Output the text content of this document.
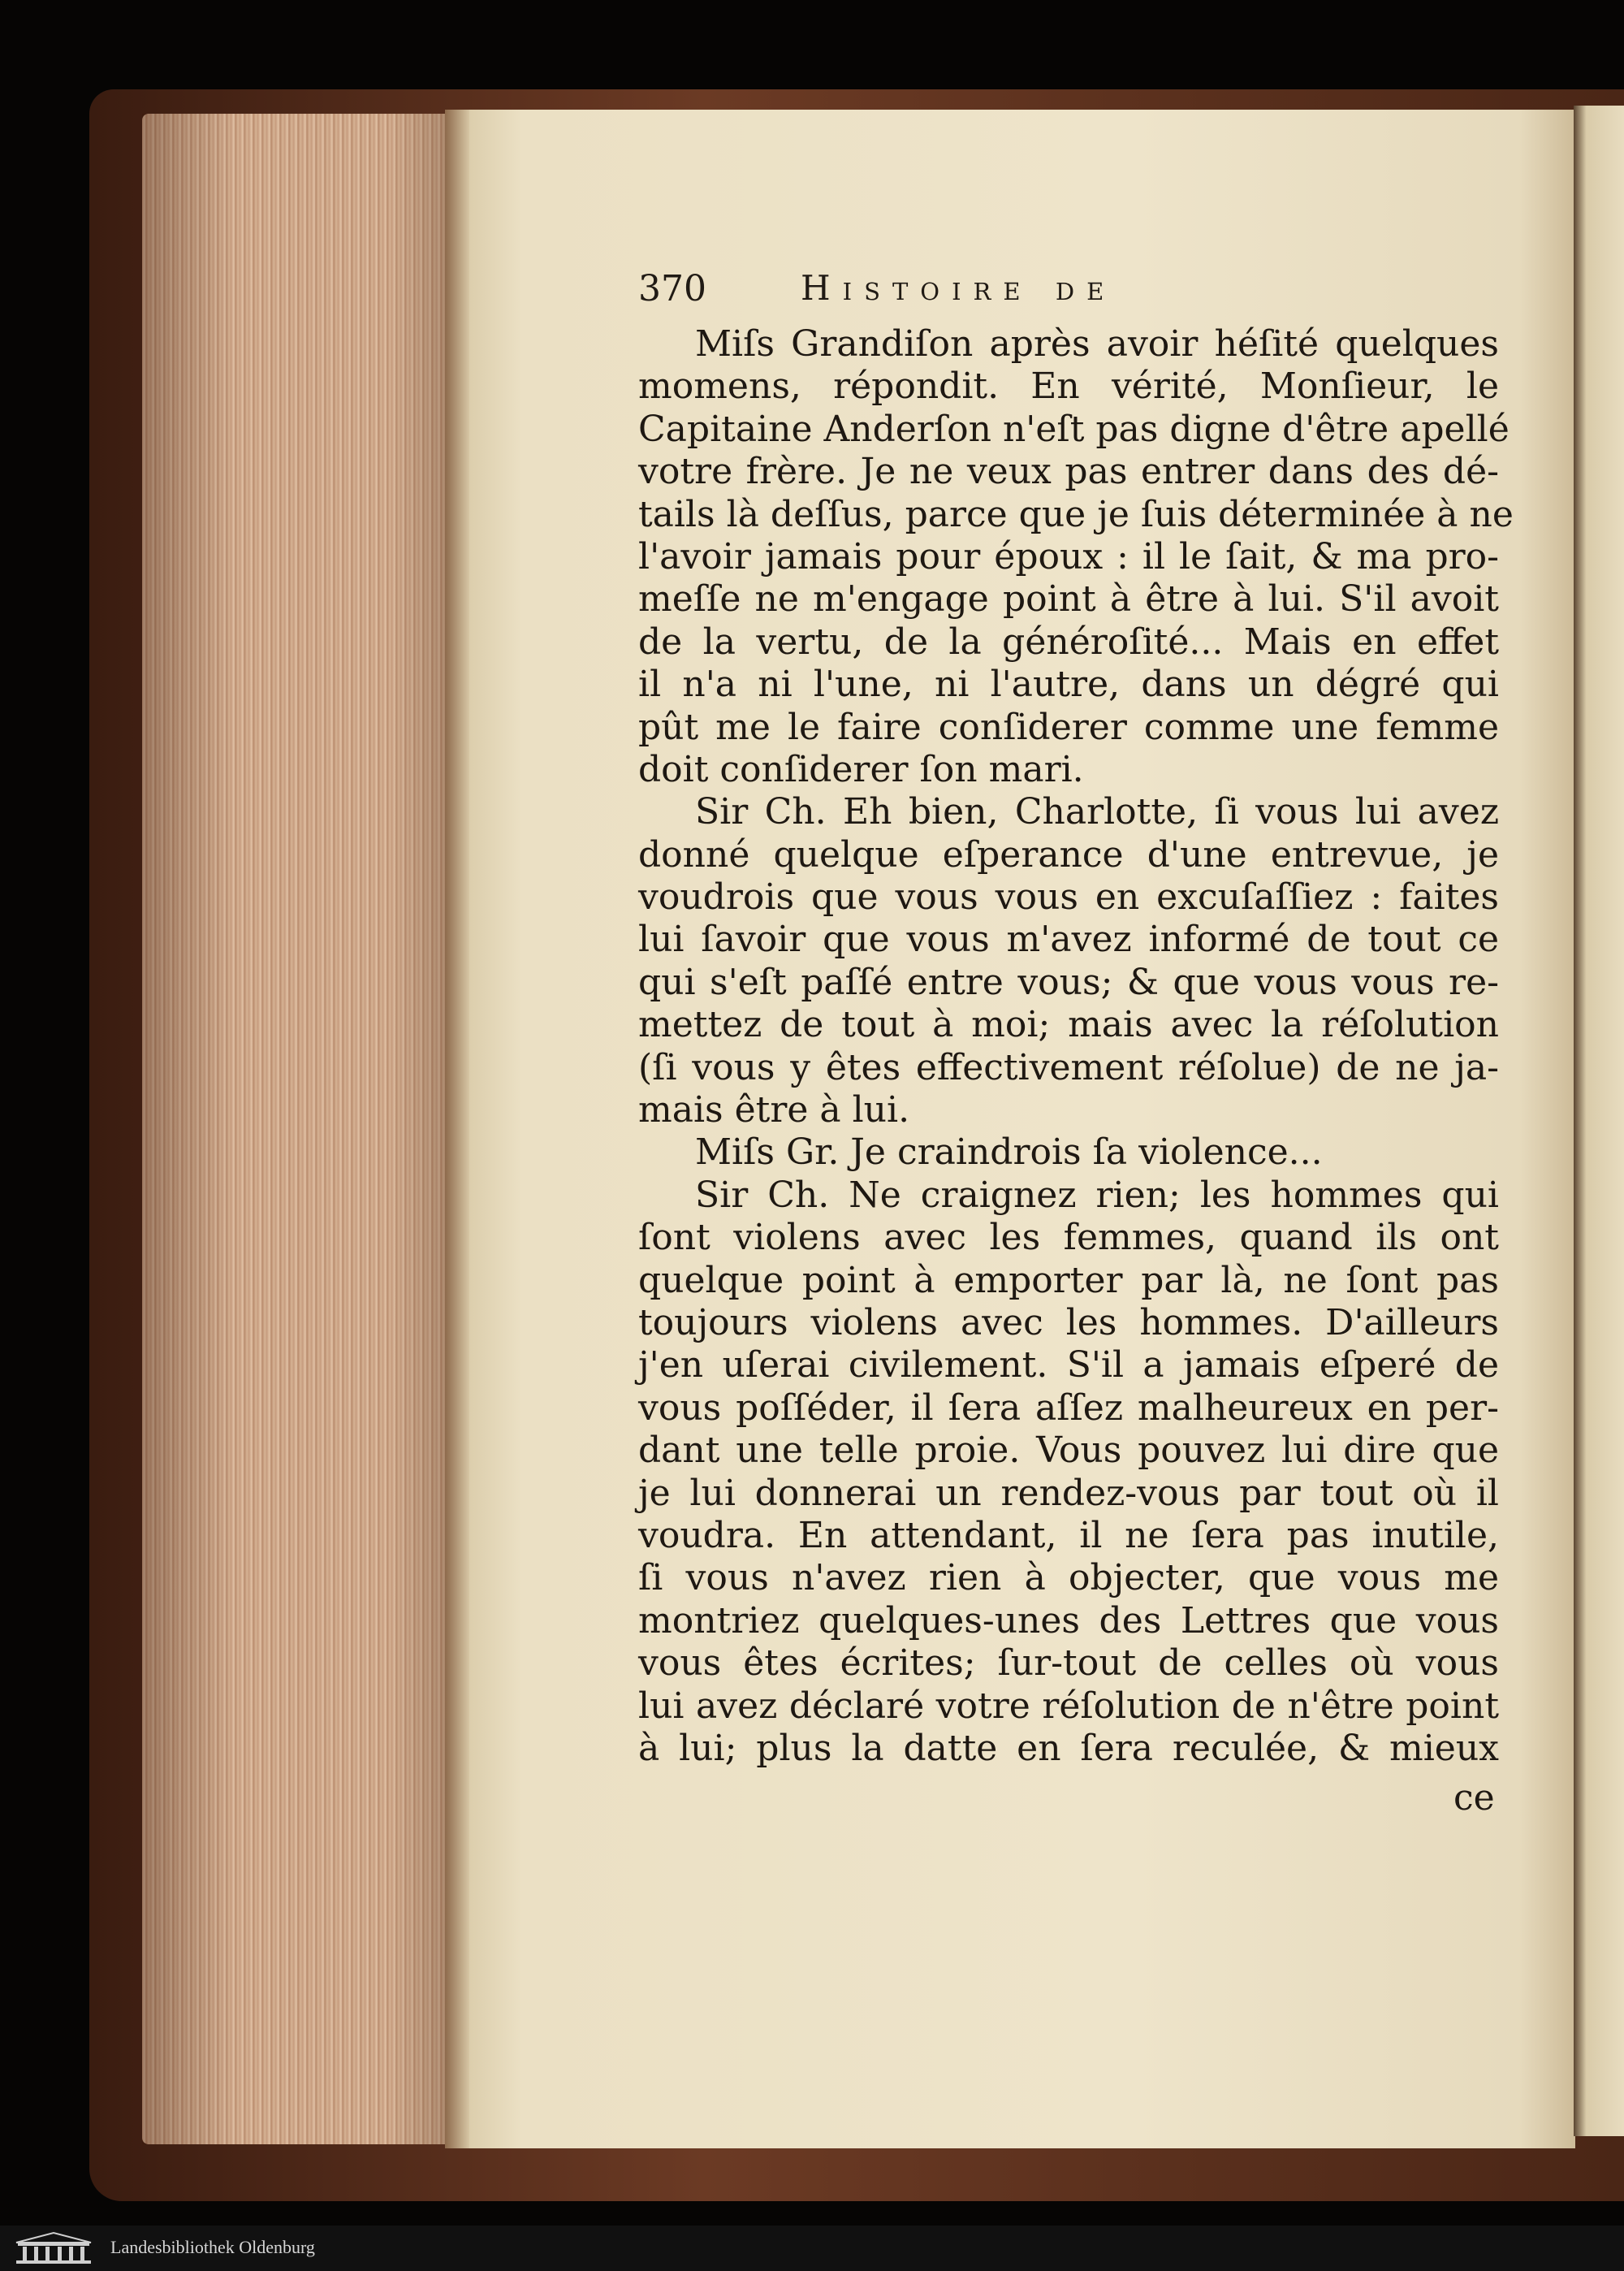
370	Histoire de
Miſs Grandiſon après avoir héſité quelques
momens, répondit. En vérité, Monſieur, le
Capitaine Anderſon n'eſt pas digne d'être apellé
votre frère. Je ne veux pas entrer dans des dé-
tails là deſſus, parce que je ſuis déterminée à ne
l'avoir jamais pour époux : il le ſait, & ma pro-
meſſe ne m'engage point à être à lui. S'il avoit
de la vertu, de la généroſité... Mais en effet
il n'a ni l'une, ni l'autre, dans un dégré qui
pût me le faire conſiderer comme une femme
doit conſiderer ſon mari.
Sir Ch. Eh bien, Charlotte, ſi vous lui avez
donné quelque eſperance d'une entrevue, je
voudrois que vous vous en excuſaſſiez : faites
lui ſavoir que vous m'avez informé de tout ce
qui s'eſt paſſé entre vous; & que vous vous re-
mettez de tout à moi; mais avec la réſolution
(ſi vous y êtes effectivement réſolue) de ne ja-
mais être à lui.
Miſs Gr. Je craindrois ſa violence...
Sir Ch. Ne craignez rien; les hommes qui
ſont violens avec les femmes, quand ils ont
quelque point à emporter par là, ne ſont pas
toujours violens avec les hommes. D'ailleurs
j'en uſerai civilement. S'il a jamais eſperé de
vous poſſéder, il ſera aſſez malheureux en per-
dant une telle proie. Vous pouvez lui dire que
je lui donnerai un rendez-vous par tout où il
voudra. En attendant, il ne ſera pas inutile,
ſi vous n'avez rien à objecter, que vous me
montriez quelques-unes des Lettres que vous
vous êtes écrites; ſur-tout de celles où vous
lui avez déclaré votre réſolution de n'être point
à lui; plus la datte en ſera reculée, & mieux
ce
Landesbibliothek Oldenburg
